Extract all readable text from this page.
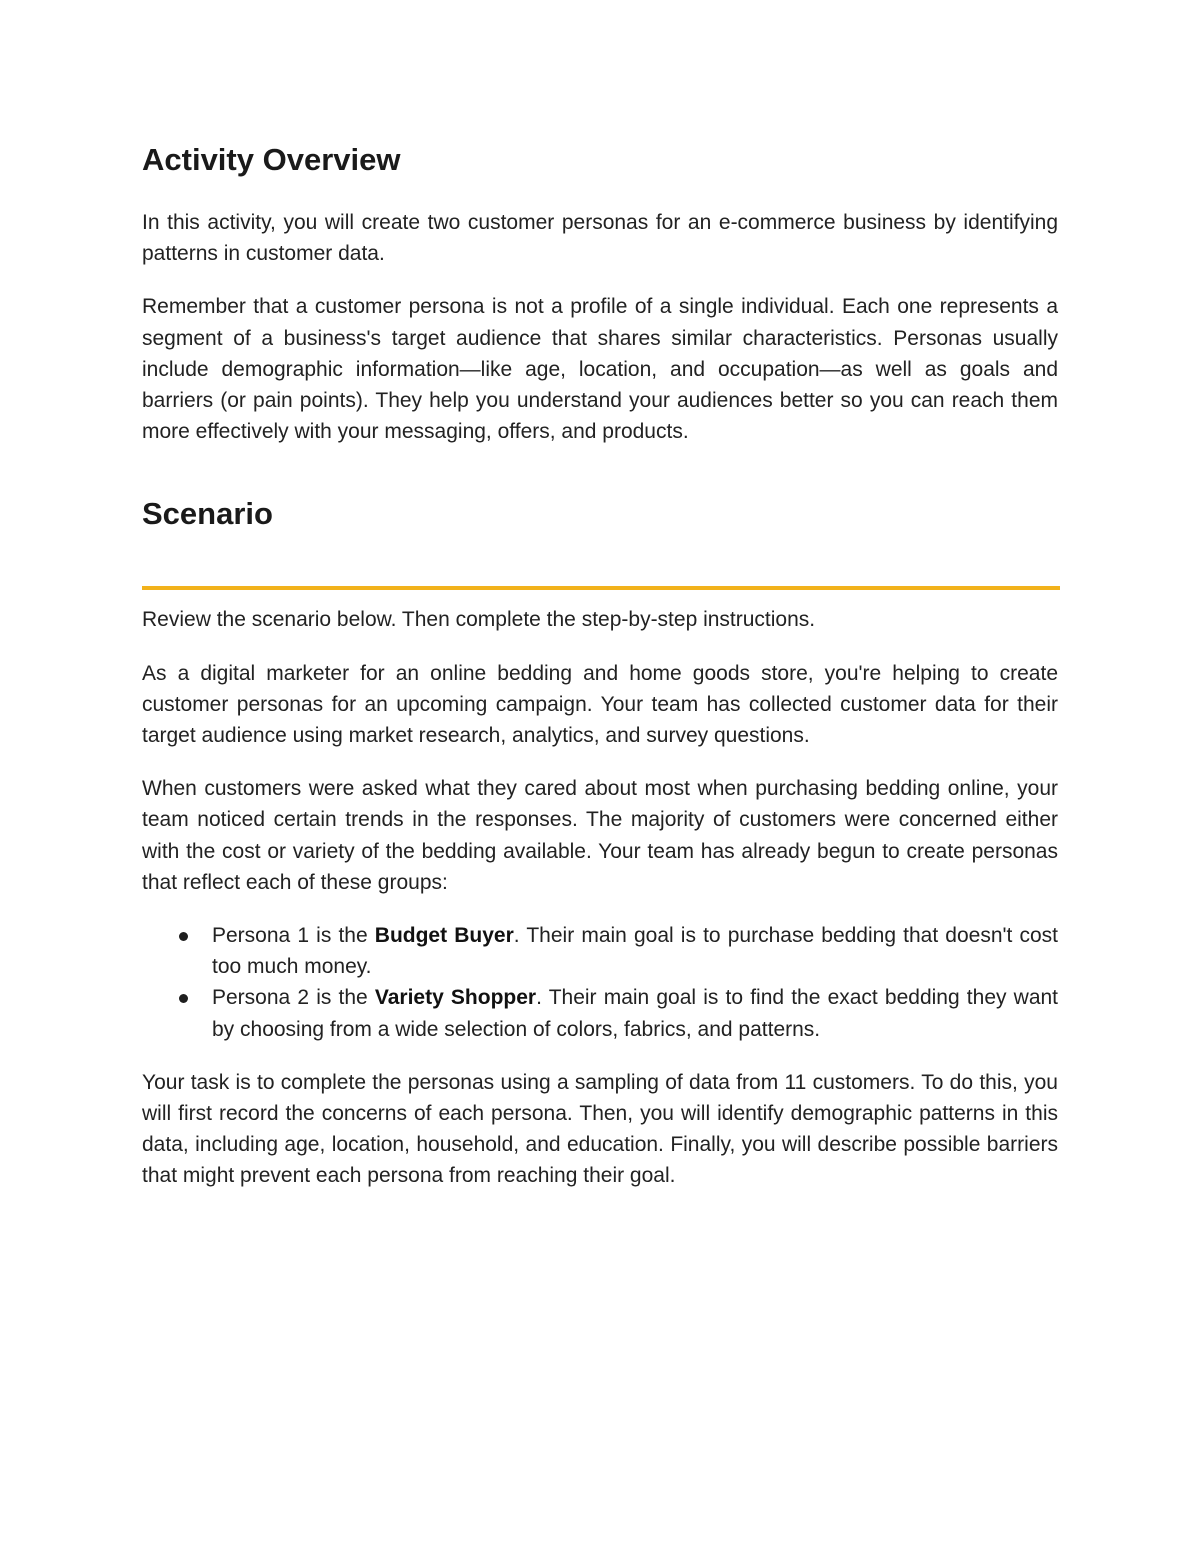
Activity Overview

In this activity, you will create two customer personas for an e-commerce business by identifying patterns in customer data.

Remember that a customer persona is not a profile of a single individual. Each one represents a segment of a business's target audience that shares similar characteristics. Personas usually include demographic information—like age, location, and occupation—as well as goals and barriers (or pain points). They help you understand your audiences better so you can reach them more effectively with your messaging, offers, and products.

Scenario

Review the scenario below. Then complete the step-by-step instructions.

As a digital marketer for an online bedding and home goods store, you're helping to create customer personas for an upcoming campaign. Your team has collected customer data for their target audience using market research, analytics, and survey questions.

When customers were asked what they cared about most when purchasing bedding online, your team noticed certain trends in the responses. The majority of customers were concerned either with the cost or variety of the bedding available. Your team has already begun to create personas that reflect each of these groups:

Persona 1 is the Budget Buyer. Their main goal is to purchase bedding that doesn't cost too much money.
Persona 2 is the Variety Shopper. Their main goal is to find the exact bedding they want by choosing from a wide selection of colors, fabrics, and patterns.

Your task is to complete the personas using a sampling of data from 11 customers. To do this, you will first record the concerns of each persona. Then, you will identify demographic patterns in this data, including age, location, household, and education. Finally, you will describe possible barriers that might prevent each persona from reaching their goal.
